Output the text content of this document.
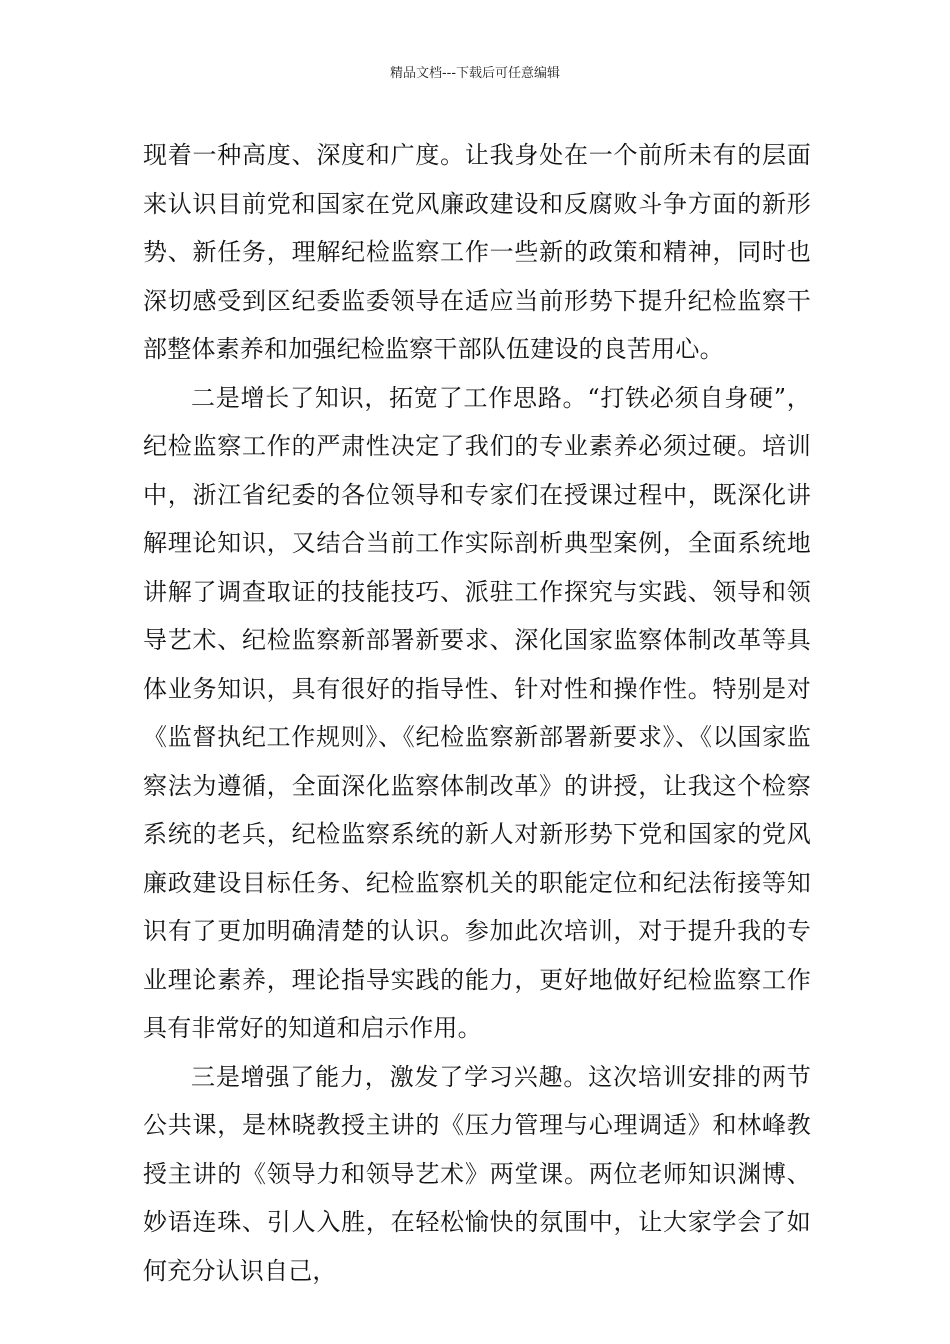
精品文档---下载后可任意编辑

现着一种高度、深度和广度。让我身处在一个前所未有的层面来认识目前党和国家在党风廉政建设和反腐败斗争方面的新形势、新任务，理解纪检监察工作一些新的政策和精神，同时也深切感受到区纪委监委领导在适应当前形势下提升纪检监察干部整体素养和加强纪检监察干部队伍建设的良苦用心。

二是增长了知识，拓宽了工作思路。“打铁必须自身硬”，纪检监察工作的严肃性决定了我们的专业素养必须过硬。培训中，浙江省纪委的各位领导和专家们在授课过程中，既深化讲解理论知识，又结合当前工作实际剖析典型案例，全面系统地讲解了调查取证的技能技巧、派驻工作探究与实践、领导和领导艺术、纪检监察新部署新要求、深化国家监察体制改革等具体业务知识，具有很好的指导性、针对性和操作性。特别是对《监督执纪工作规则》、《纪检监察新部署新要求》、《以国家监察法为遵循，全面深化监察体制改革》的讲授，让我这个检察系统的老兵，纪检监察系统的新人对新形势下党和国家的党风廉政建设目标任务、纪检监察机关的职能定位和纪法衔接等知识有了更加明确清楚的认识。参加此次培训，对于提升我的专业理论素养，理论指导实践的能力，更好地做好纪检监察工作具有非常好的知道和启示作用。

三是增强了能力，激发了学习兴趣。这次培训安排的两节公共课，是林晓教授主讲的《压力管理与心理调适》和林峰教授主讲的《领导力和领导艺术》两堂课。两位老师知识渊博、妙语连珠、引人入胜，在轻松愉快的氛围中，让大家学会了如何充分认识自己，
